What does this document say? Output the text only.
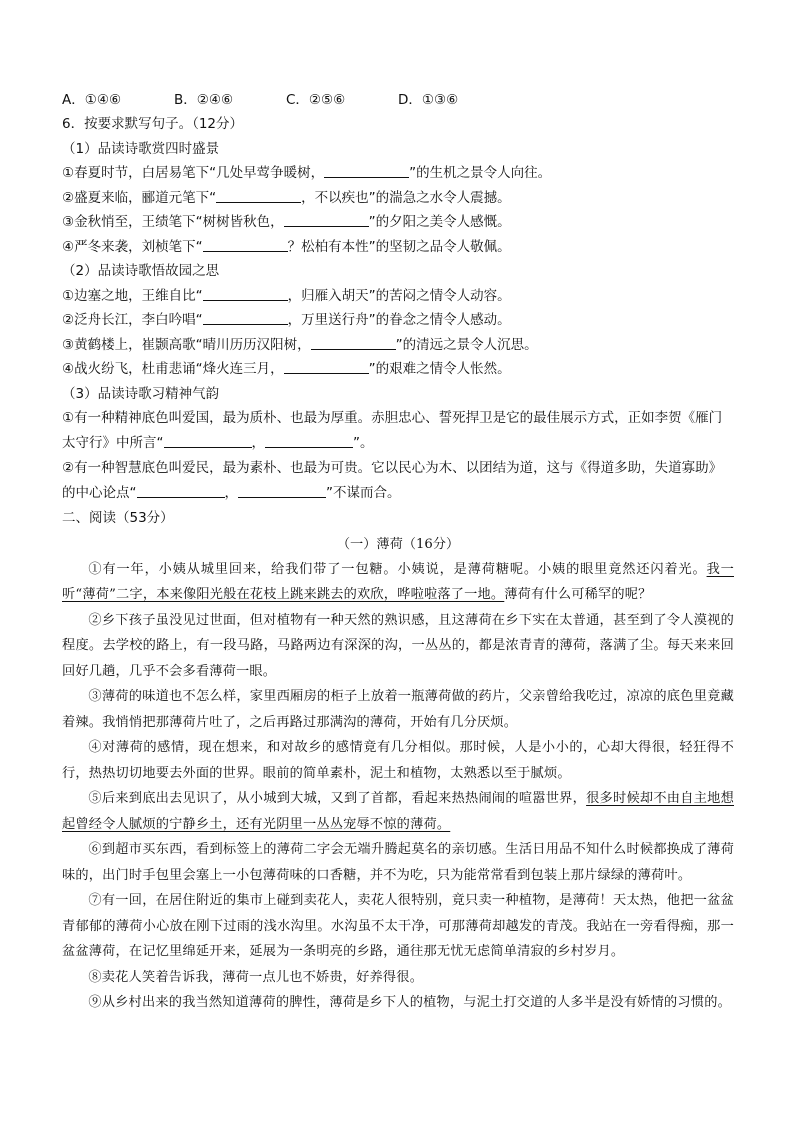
A．①④⑥	B．②④⑥	C．②⑤⑥	D．①③⑥
6．按要求默写句子。（12分）
（1）品读诗歌赏四时盛景
①春夏时节，白居易笔下“几处早莺争暖树，	”的生机之景令人向往。
②盛夏来临，郦道元笔下“	，不以疾也”的湍急之水令人震撼。
③金秋悄至，王绩笔下“树树皆秋色，	”的夕阳之美令人感慨。
④严冬来袭，刘桢笔下“	？松柏有本性”的坚韧之品令人敬佩。
（2）品读诗歌悟故园之思
①边塞之地，王维自比“	，归雁入胡天”的苦闷之情令人动容。
②泛舟长江，李白吟唱“	，万里送行舟”的眷念之情令人感动。
③黄鹤楼上，崔颢高歌“晴川历历汉阳树，	”的清远之景令人沉思。
④战火纷飞，杜甫悲诵“烽火连三月，	”的艰难之情令人怅然。
（3）品读诗歌习精神气韵
①有一种精神底色叫爱国，最为质朴、也最为厚重。赤胆忠心、誓死捍卫是它的最佳展示方式，正如李贺《雁门太守行》中所言“	，	”。
②有一种智慧底色叫爱民，最为素朴、也最为可贵。它以民心为木、以团结为道，这与《得道多助，失道寡助》的中心论点“	，	”不谋而合。
二、阅读（53分）
（一）薄荷（16分）
①有一年，小姨从城里回来，给我们带了一包糖。小姨说，是薄荷糖呢。小姨的眼里竟然还闪着光。我一听“薄荷”二字，本来像阳光般在花枝上跳来跳去的欢欣，哗啦啦落了一地。薄荷有什么可稀罕的呢？
②乡下孩子虽没见过世面，但对植物有一种天然的熟识感，且这薄荷在乡下实在太普通，甚至到了令人漠视的程度。去学校的路上，有一段马路，马路两边有深深的沟，一丛丛的，都是浓青青的薄荷，落满了尘。每天来来回回好几趟，几乎不会多看薄荷一眼。
③薄荷的味道也不怎么样，家里西厢房的柜子上放着一瓶薄荷做的药片，父亲曾给我吃过，凉凉的底色里竟藏着辣。我悄悄把那薄荷片吐了，之后再路过那满沟的薄荷，开始有几分厌烦。
④对薄荷的感情，现在想来，和对故乡的感情竟有几分相似。那时候，人是小小的，心却大得很，轻狂得不行，热热切切地要去外面的世界。眼前的简单素朴，泥土和植物，太熟悉以至于腻烦。
⑤后来到底出去见识了，从小城到大城，又到了首都，看起来热热闹闹的喧嚣世界，很多时候却不由自主地想起曾经令人腻烦的宁静乡土，还有光阴里一丛丛宠辱不惊的薄荷。
⑥到超市买东西，看到标签上的薄荷二字会无端升腾起莫名的亲切感。生活日用品不知什么时候都换成了薄荷味的，出门时手包里会塞上一小包薄荷味的口香糖，并不为吃，只为能常常看到包装上那片绿绿的薄荷叶。
⑦有一回，在居住附近的集市上碰到卖花人，卖花人很特别，竟只卖一种植物，是薄荷！天太热，他把一盆盆青郁郁的薄荷小心放在刚下过雨的浅水沟里。水沟虽不太干净，可那薄荷却越发的青茂。我站在一旁看得痴，那一盆盆薄荷，在记忆里绵延开来，延展为一条明亮的乡路，通往那无忧无虑简单清寂的乡村岁月。
⑧卖花人笑着告诉我，薄荷一点儿也不娇贵，好养得很。
⑨从乡村出来的我当然知道薄荷的脾性，薄荷是乡下人的植物，与泥土打交道的人多半是没有娇情的习惯的。
